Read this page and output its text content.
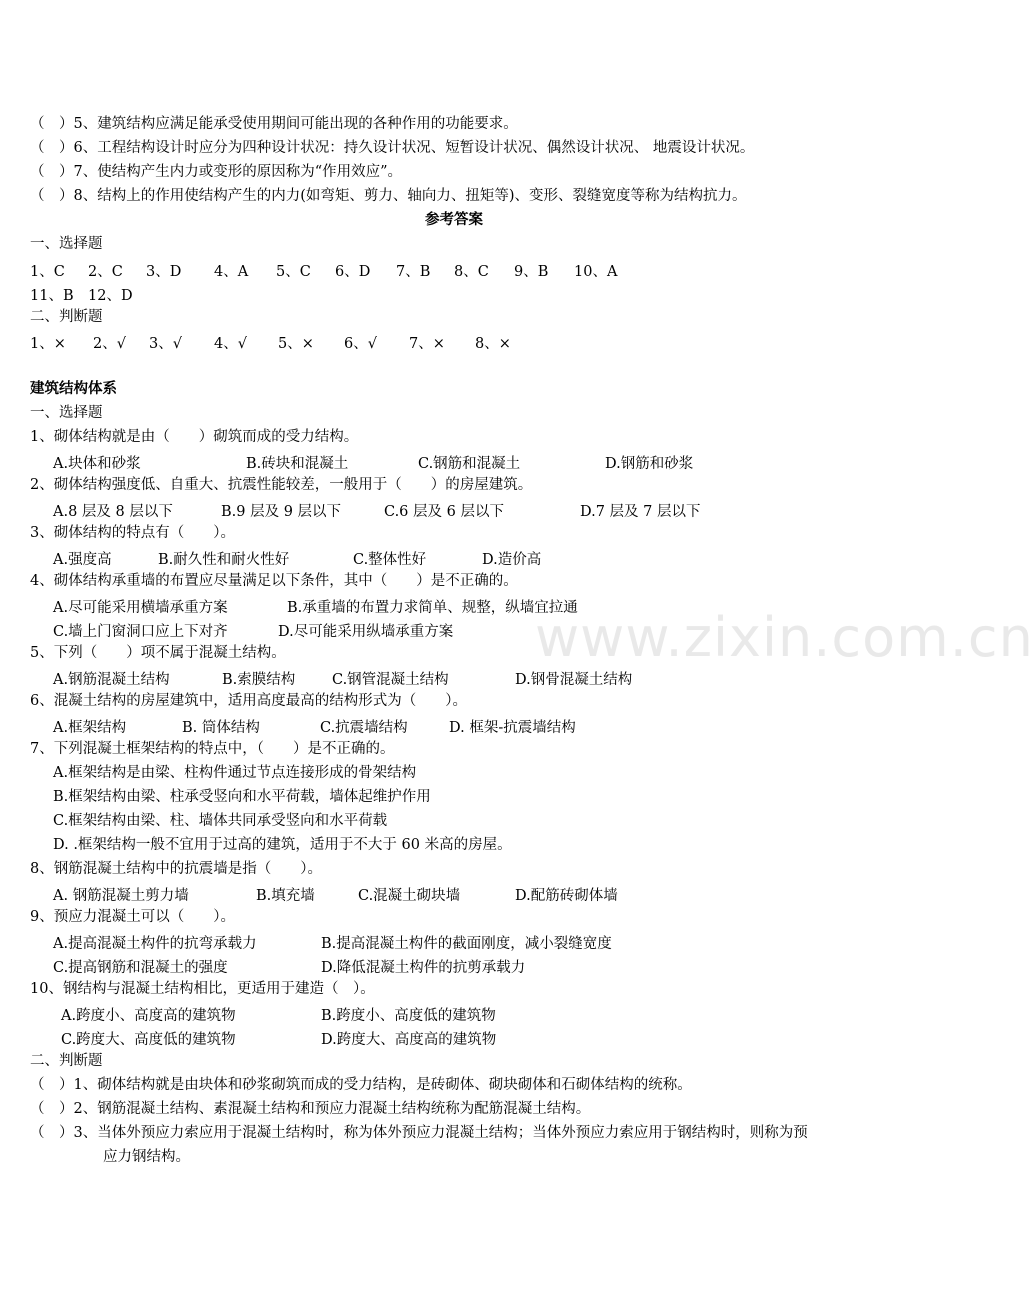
www.zixin.com.cn
（　）5、建筑结构应满足能承受使用期间可能出现的各种作用的功能要求。
（　）6、工程结构设计时应分为四种设计状况：持久设计状况、短暂设计状况、偶然设计状况、 地震设计状况。
（　）7、使结构产生内力或变形的原因称为“作用效应”。
（　）8、结构上的作用使结构产生的内力(如弯矩、剪力、轴向力、扭矩等)、变形、裂缝宽度等称为结构抗力。
参考答案
一、选择题
1、C 2、C 3、D 4、A 5、C 6、D 7、B 8、C 9、B 10、A
11、B 12、D
二、判断题
1、× 2、√ 3、√ 4、√ 5、× 6、√ 7、× 8、×
建筑结构体系
一、选择题
1、砌体结构就是由（　　）砌筑而成的受力结构。
A.块体和砂浆	B.砖块和混凝土	C.钢筋和混凝土	D.钢筋和砂浆
2、砌体结构强度低、自重大、抗震性能较差，一般用于（　　）的房屋建筑。
A.8 层及 8 层以下	B.9 层及 9 层以下	C.6 层及 6 层以下	D.7 层及 7 层以下
3、砌体结构的特点有（　　）。
A.强度高	B.耐久性和耐火性好	C.整体性好	D.造价高
4、砌体结构承重墙的布置应尽量满足以下条件，其中（　　）是不正确的。
A.尽可能采用横墙承重方案	B.承重墙的布置力求简单、规整，纵墙宜拉通
C.墙上门窗洞口应上下对齐	D.尽可能采用纵墙承重方案
5、下列（　　）项不属于混凝土结构。
A.钢筋混凝土结构	B.索膜结构	C.钢管混凝土结构	D.钢骨混凝土结构
6、混凝土结构的房屋建筑中，适用高度最高的结构形式为（　　）。
A.框架结构	B. 筒体结构	C.抗震墙结构	D. 框架-抗震墙结构
7、下列混凝土框架结构的特点中，（　　）是不正确的。
A.框架结构是由梁、柱构件通过节点连接形成的骨架结构
B.框架结构由梁、柱承受竖向和水平荷载，墙体起维护作用
C.框架结构由梁、柱、墙体共同承受竖向和水平荷载
D. .框架结构一般不宜用于过高的建筑，适用于不大于 60 米高的房屋。
8、钢筋混凝土结构中的抗震墙是指（　　）。
A. 钢筋混凝土剪力墙	B.填充墙	C.混凝土砌块墙	D.配筋砖砌体墙
9、预应力混凝土可以（　　）。
A.提高混凝土构件的抗弯承载力	B.提高混凝土构件的截面刚度，减小裂缝宽度
C.提高钢筋和混凝土的强度	D.降低混凝土构件的抗剪承载力
10、钢结构与混凝土结构相比，更适用于建造（　）。
A.跨度小、高度高的建筑物	B.跨度小、高度低的建筑物
C.跨度大、高度低的建筑物	D.跨度大、高度高的建筑物
二、判断题
（　）1、砌体结构就是由块体和砂浆砌筑而成的受力结构，是砖砌体、砌块砌体和石砌体结构的统称。
（　）2、钢筋混凝土结构、素混凝土结构和预应力混凝土结构统称为配筋混凝土结构。
（　）3、当体外预应力索应用于混凝土结构时，称为体外预应力混凝土结构；当体外预应力索应用于钢结构时，则称为预
应力钢结构。
